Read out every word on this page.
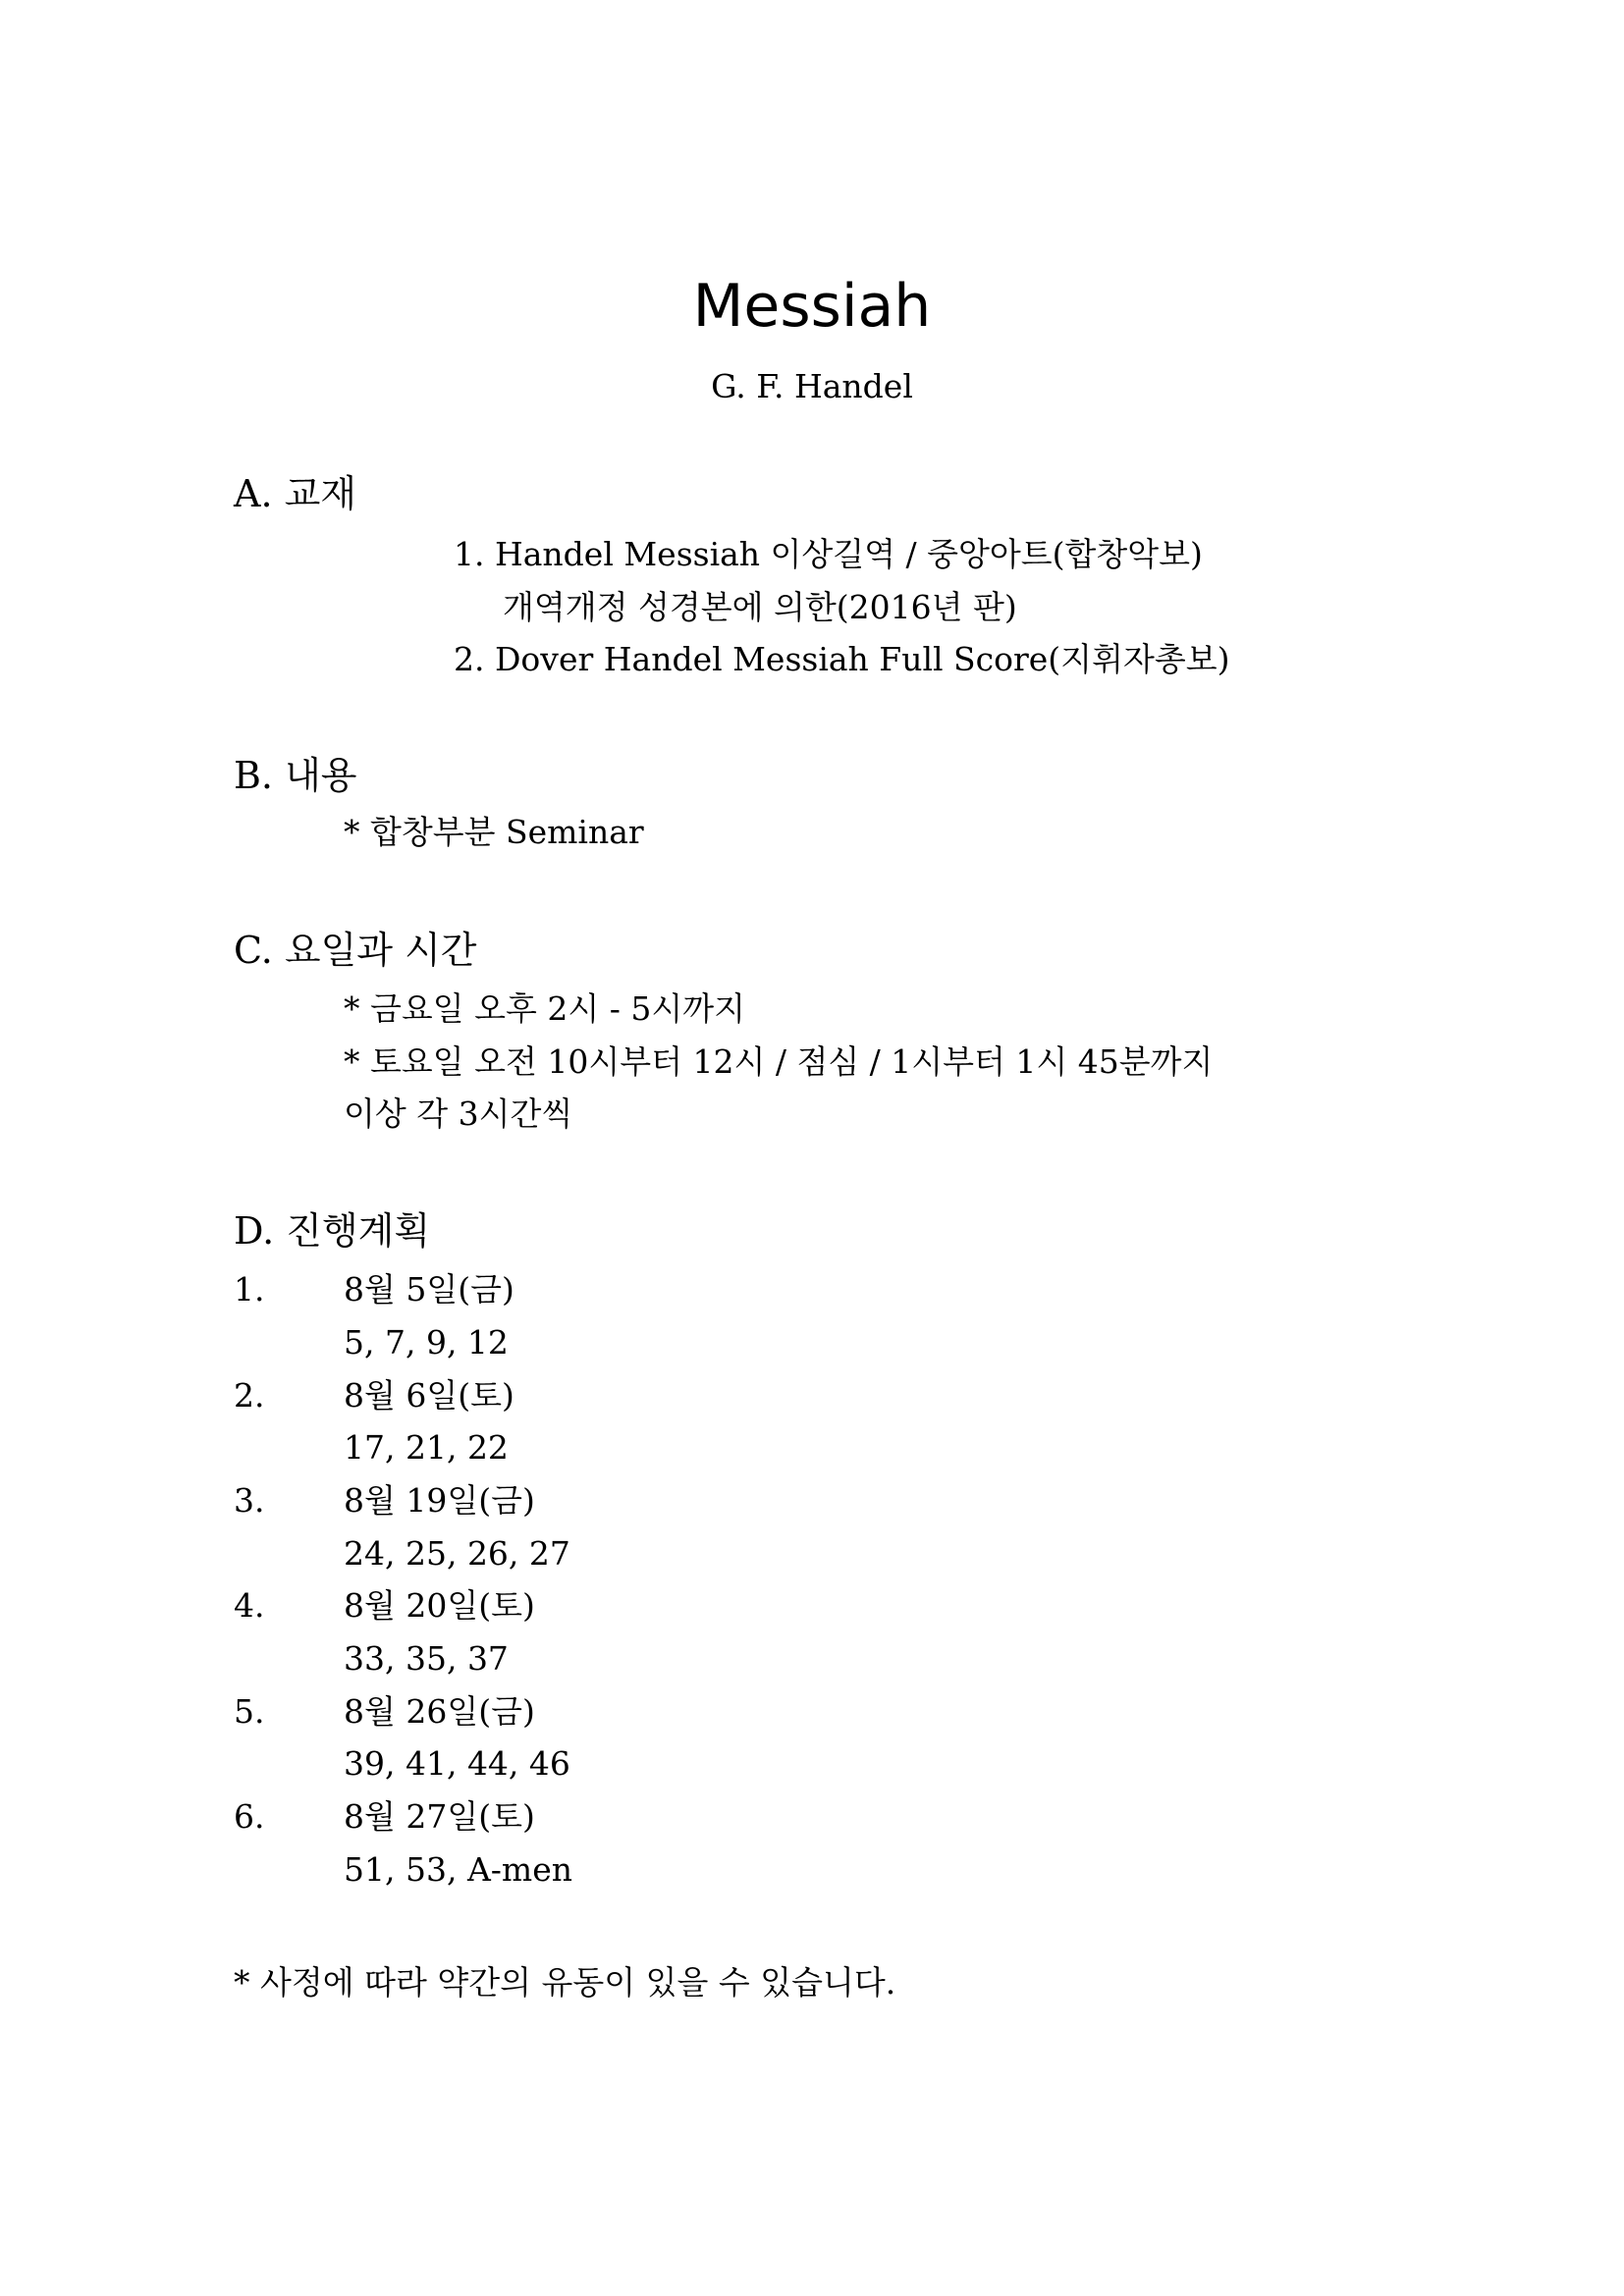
Messiah
G. F. Handel
A. 교재
1. Handel Messiah 이상길역 / 중앙아트(합창악보)
개역개정 성경본에 의한(2016년 판)
2. Dover Handel Messiah Full Score(지휘자총보)
B. 내용
* 합창부분 Seminar
C. 요일과 시간
* 금요일 오후 2시 - 5시까지
* 토요일 오전 10시부터 12시 / 점심 / 1시부터 1시 45분까지
이상 각 3시간씩
D. 진행계획
1. 8월 5일(금)
5, 7, 9, 12
2. 8월 6일(토)
17, 21, 22
3. 8월 19일(금)
24, 25, 26, 27
4. 8월 20일(토)
33, 35, 37
5. 8월 26일(금)
39, 41, 44, 46
6. 8월 27일(토)
51, 53, A-men
* 사정에 따라 약간의 유동이 있을 수 있습니다.
